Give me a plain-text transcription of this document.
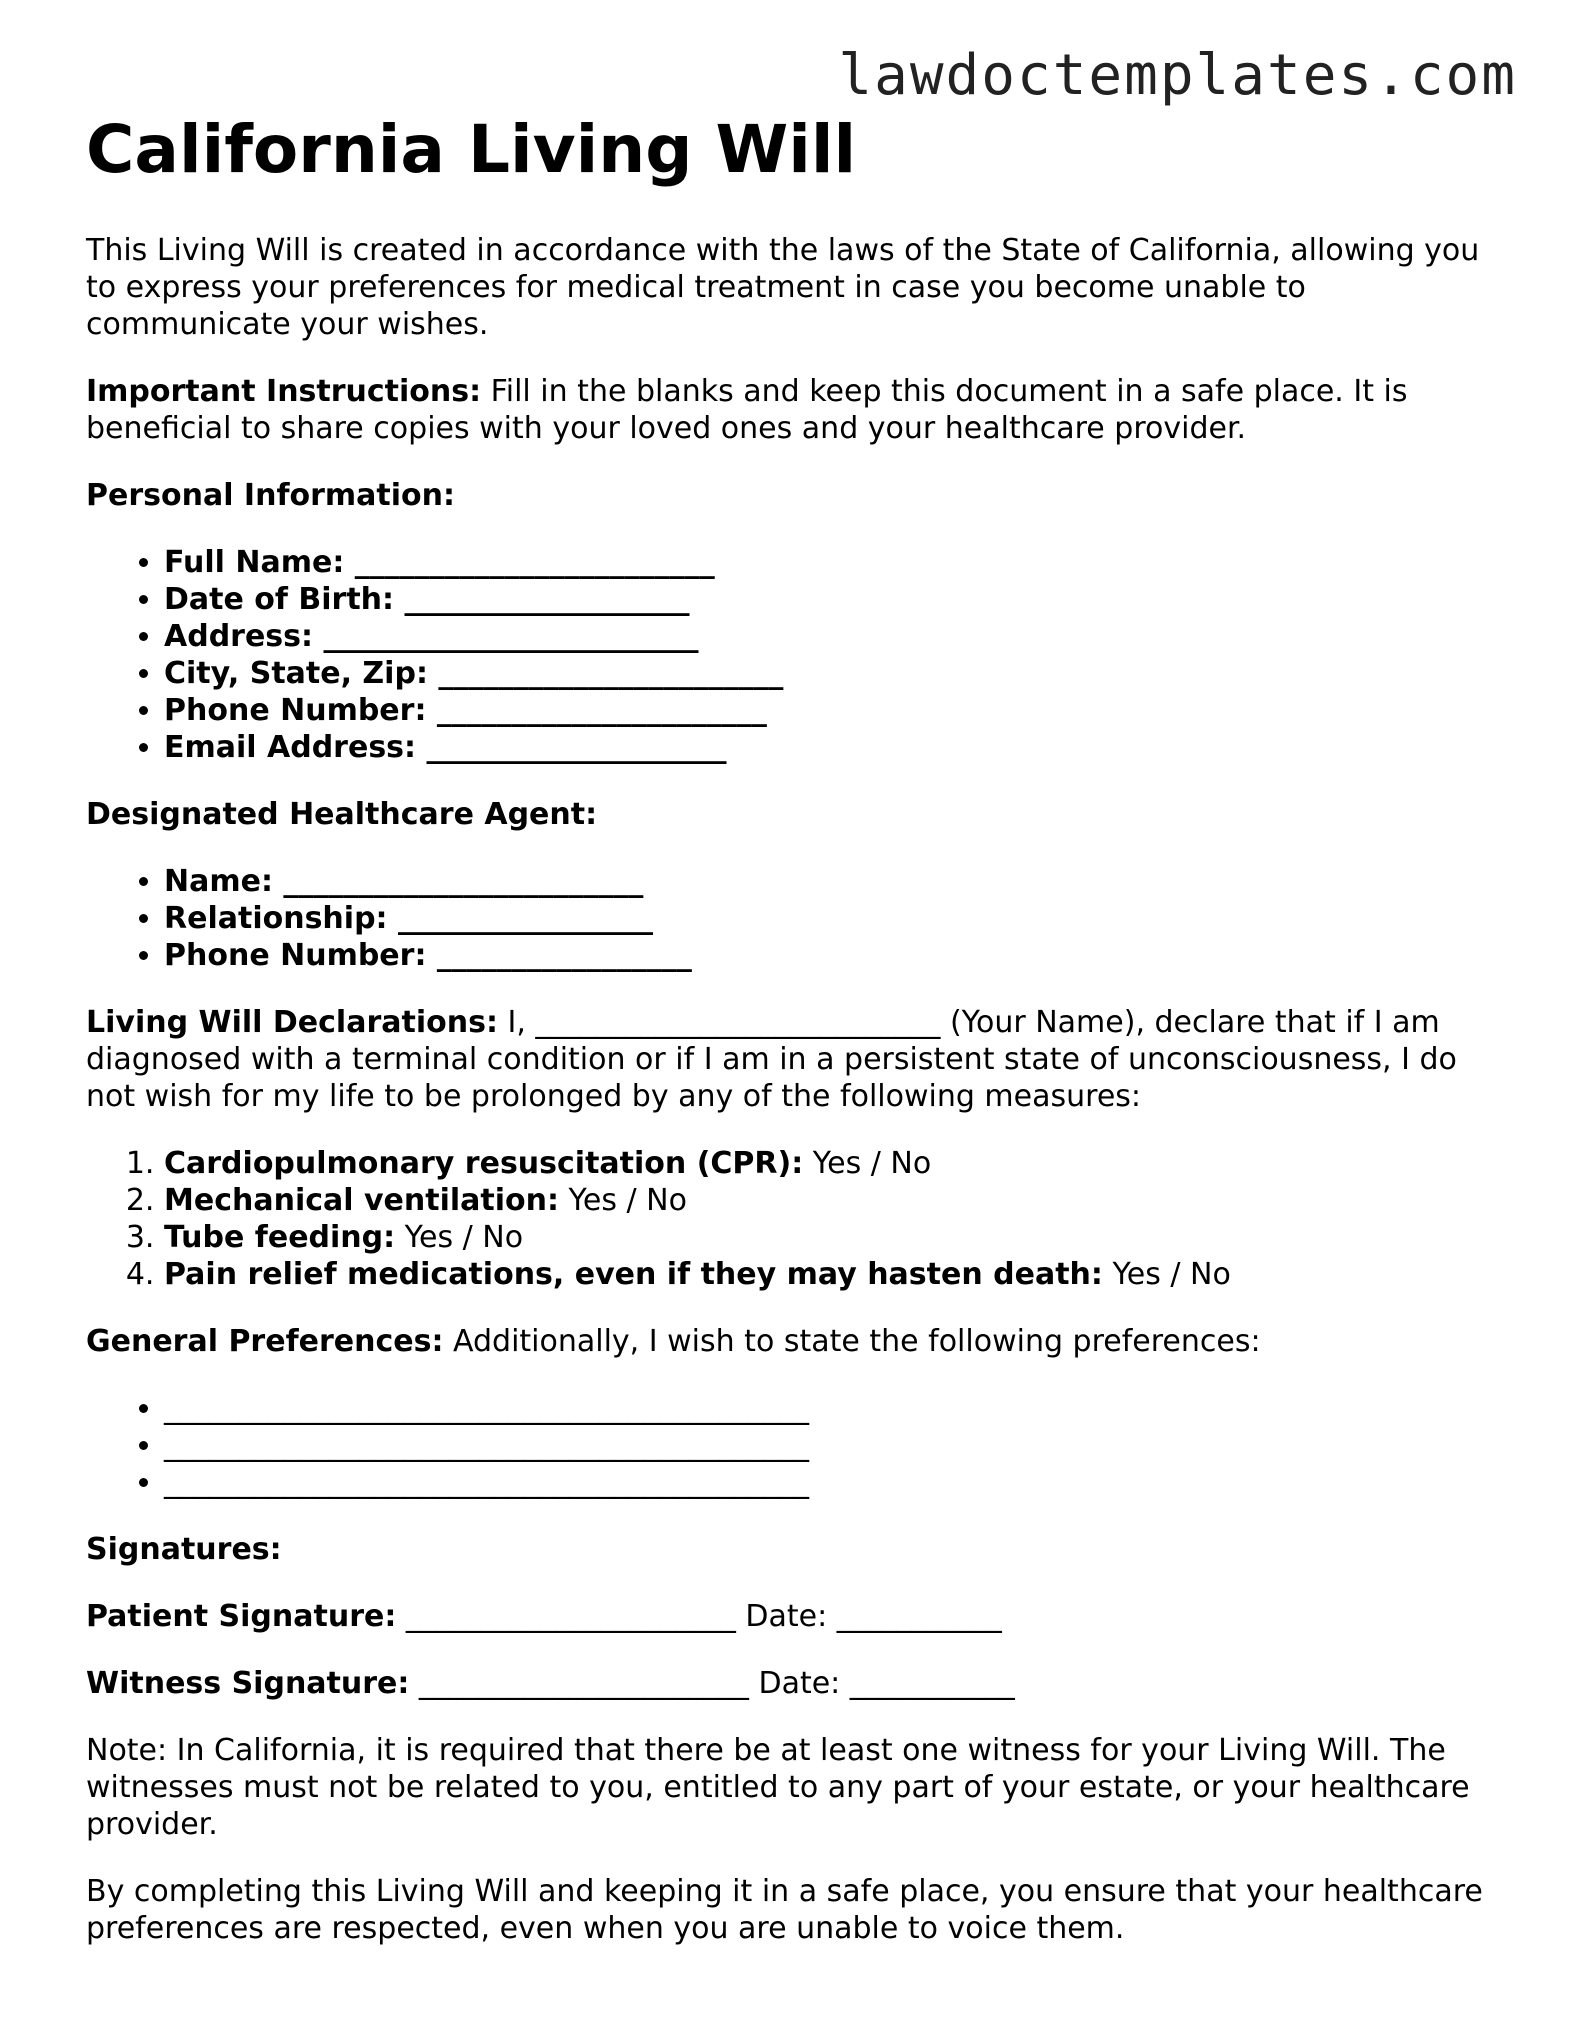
lawdoctemplates.com
California Living Will

This Living Will is created in accordance with the laws of the State of California, allowing you to express your preferences for medical treatment in case you become unable to communicate your wishes.

Important Instructions: Fill in the blanks and keep this document in a safe place. It is beneficial to share copies with your loved ones and your healthcare provider.

Personal Information:

• Full Name: ________________________
• Date of Birth: ___________________
• Address: _________________________
• City, State, Zip: _______________________
• Phone Number: ______________________
• Email Address: ____________________

Designated Healthcare Agent:

• Name: ________________________
• Relationship: _________________
• Phone Number: _________________

Living Will Declarations: I, ___________________________ (Your Name), declare that if I am diagnosed with a terminal condition or if I am in a persistent state of unconsciousness, I do not wish for my life to be prolonged by any of the following measures:

1. Cardiopulmonary resuscitation (CPR): Yes / No
2. Mechanical ventilation: Yes / No
3. Tube feeding: Yes / No
4. Pain relief medications, even if they may hasten death: Yes / No

General Preferences: Additionally, I wish to state the following preferences:

• ___________________________________________
• ___________________________________________
• ___________________________________________

Signatures:

Patient Signature: ______________________ Date: ___________

Witness Signature: ______________________ Date: ___________

Note: In California, it is required that there be at least one witness for your Living Will. The witnesses must not be related to you, entitled to any part of your estate, or your healthcare provider.

By completing this Living Will and keeping it in a safe place, you ensure that your healthcare preferences are respected, even when you are unable to voice them.
